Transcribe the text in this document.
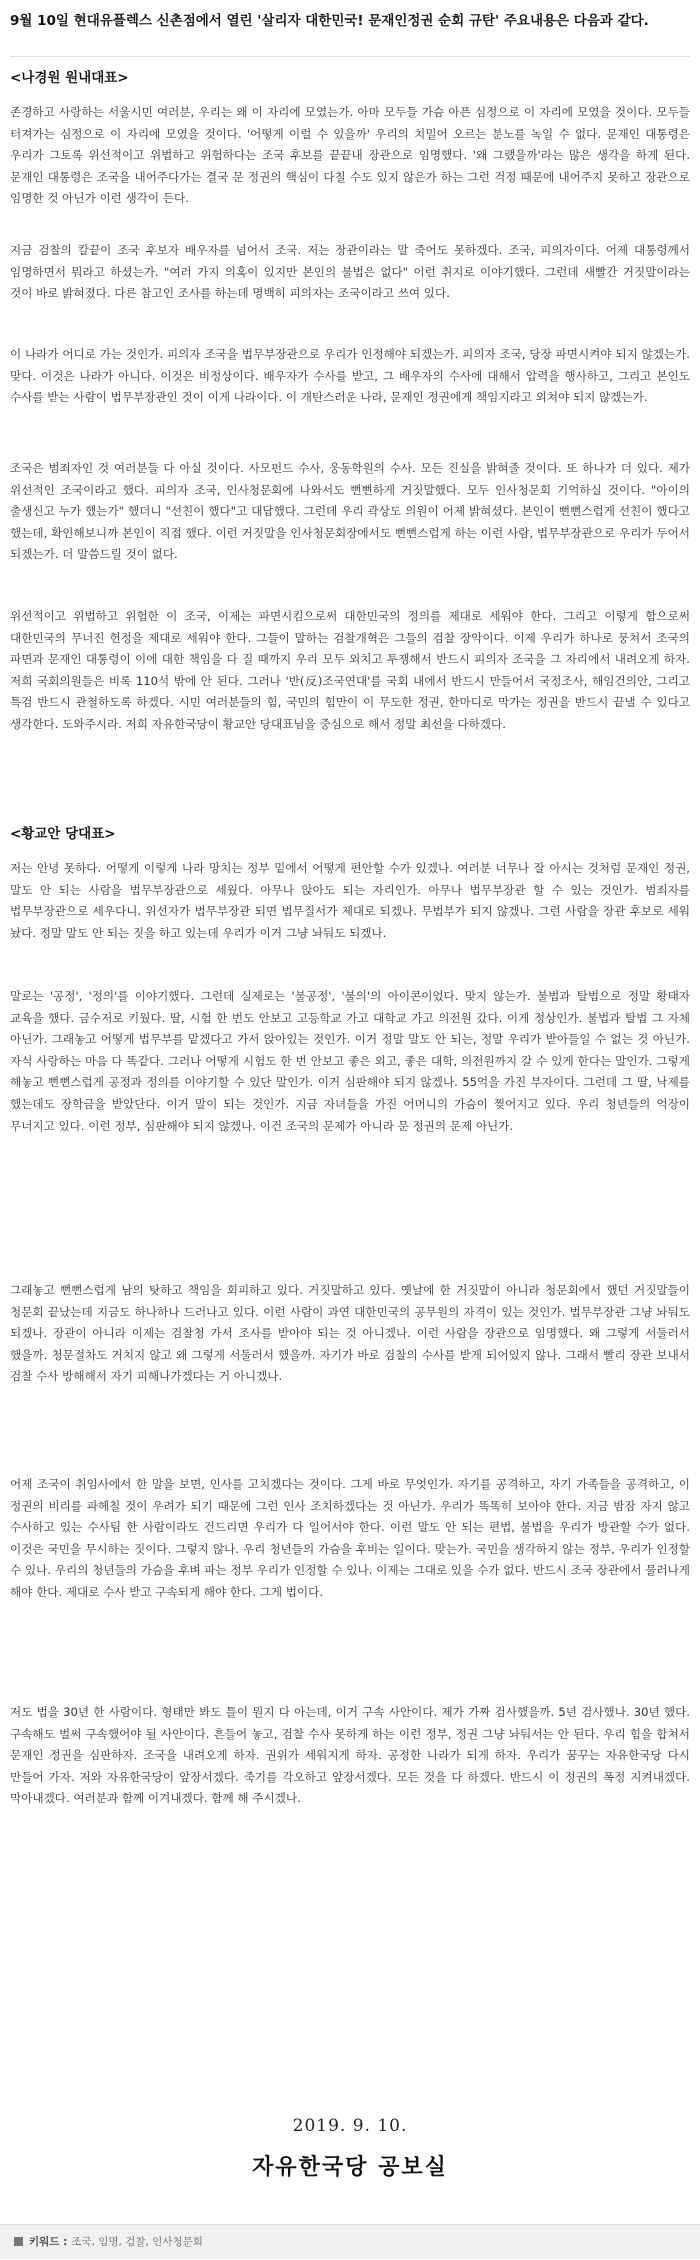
9월 10일 현대유플렉스 신촌점에서 열린 '살리자 대한민국! 문재인정권 순회 규탄' 주요내용은 다음과 같다.
<나경원 원내대표>
존경하고 사랑하는 서울시민 여러분, 우리는 왜 이 자리에 모였는가. 아마 모두들 가슴 아픈 심정으로 이 자리에 모였을 것이다. 모두들 터져가는 심정으로 이 자리에 모였을 것이다. '어떻게 이럴 수 있을까' 우리의 치밀어 오르는 분노를 녹일 수 없다. 문재인 대통령은 우리가 그토록 위선적이고 위법하고 위험하다는 조국 후보를 끝끝내 장관으로 임명했다. '왜 그랬을까'라는 많은 생각을 하게 된다. 문재인 대통령은 조국을 내어주다가는 결국 문 정권의 핵심이 다칠 수도 있지 않은가 하는 그런 걱정 때문에 내어주지 못하고 장관으로 임명한 것 아닌가 이런 생각이 든다.
지금 검찰의 칼끝이 조국 후보자 배우자를 넘어서 조국. 저는 장관이라는 말 죽어도 못하겠다. 조국, 피의자이다. 어제 대통령께서 임명하면서 뭐라고 하셨는가. "여러 가지 의혹이 있지만 본인의 불법은 없다" 이런 취지로 이야기했다. 그런데 새빨간 거짓말이라는 것이 바로 밝혀졌다. 다른 참고인 조사를 하는데 명백히 피의자는 조국이라고 쓰여 있다.
이 나라가 어디로 가는 것인가. 피의자 조국을 법무부장관으로 우리가 인정해야 되겠는가. 피의자 조국, 당장 파면시켜야 되지 않겠는가. 맞다. 이것은 나라가 아니다. 이것은 비정상이다. 배우자가 수사를 받고, 그 배우자의 수사에 대해서 압력을 행사하고, 그리고 본인도 수사를 받는 사람이 법무부장관인 것이 이게 나라이다. 이 개탄스러운 나라, 문재인 정권에게 책임지라고 외쳐야 되지 않겠는가.
조국은 범죄자인 것 여러분들 다 아실 것이다. 사모펀드 수사, 웅동학원의 수사. 모든 진실을 밝혀줄 것이다. 또 하나가 더 있다. 제가 위선적인 조국이라고 했다. 피의자 조국, 인사청문회에 나와서도 뻔뻔하게 거짓말했다. 모두 인사청문회 기억하실 것이다. "아이의 출생신고 누가 했는가" 했더니 "선친이 했다"고 대답했다. 그런데 우리 곽상도 의원이 어제 밝혀셨다. 본인이 뻔뻔스럽게 선친이 했다고 했는데, 확인해보니까 본인이 직접 했다. 이런 거짓말을 인사청문회장에서도 뻔뻔스럽게 하는 이런 사람, 법무부장관으로 우리가 두어서 되겠는가. 더 말씀드릴 것이 없다.
위선적이고 위법하고 위험한 이 조국, 이제는 파면시킴으로써 대한민국의 정의를 제대로 세워야 한다. 그리고 이렇게 함으로써 대한민국의 무너진 헌정을 제대로 세워야 한다. 그들이 말하는 검찰개혁은 그들의 검찰 장악이다. 이제 우리가 하나로 뭉쳐서 조국의 파면과 문재인 대통령이 이에 대한 책임을 다 질 때까지 우리 모두 외치고 투쟁해서 반드시 피의자 조국을 그 자리에서 내려오게 하자. 저희 국회의원들은 비록 110석 밖에 안 된다. 그러나 '반(反)조국연대'를 국회 내에서 반드시 만들어서 국정조사, 해임건의안, 그리고 특검 반드시 관철하도록 하겠다. 시민 여러분들의 힘, 국민의 힘만이 이 무도한 정권, 한마디로 막가는 정권을 반드시 끝낼 수 있다고 생각한다. 도와주시라. 저희 자유한국당이 황교안 당대표님을 중심으로 해서 정말 최선을 다하겠다.
<황교안 당대표>
저는 안녕 못하다. 어떻게 이렇게 나라 망치는 정부 밑에서 어떻게 편안할 수가 있겠나. 여러분 너무나 잘 아시는 것처럼 문재인 정권, 말도 안 되는 사람을 법무부장관으로 세웠다. 아무나 앉아도 되는 자리인가. 아무나 법무부장관 할 수 있는 것인가. 범죄자를 법무부장관으로 세우다니. 위선자가 법무부장관 되면 법무질서가 제대로 되겠나. 무법부가 되지 않겠나. 그런 사람을 장관 후보로 세워 놨다. 정말 말도 안 되는 짓을 하고 있는데 우리가 이거 그냥 놔둬도 되겠나.
말로는 '공정', '정의'를 이야기했다. 그런데 실제로는 '불공정', '불의'의 아이콘이었다. 맞지 않는가. 불법과 탈법으로 정말 황태자 교육을 했다. 금수저로 키웠다. 딸, 시험 한 번도 안보고 고등학교 가고 대학교 가고 의전원 갔다. 이게 정상인가. 불법과 탈법 그 자체 아닌가. 그래놓고 어떻게 법무부를 맡겠다고 가서 앉아있는 것인가. 이거 정말 말도 안 되는, 정말 우리가 받아들일 수 없는 것 아닌가. 자식 사랑하는 마음 다 똑같다. 그러나 어떻게 시험도 한 번 안보고 좋은 외고, 좋은 대학, 의전원까지 갈 수 있게 한다는 말인가. 그렇게 해놓고 뻔뻔스럽게 공정과 정의를 이야기할 수 있단 말인가. 이거 심판해야 되지 않겠나. 55억을 가진 부자이다. 그런데 그 딸, 낙제를 했는데도 장학금을 받았단다. 이거 말이 되는 것인가. 지금 자녀들을 가진 어머니의 가슴이 찢어지고 있다. 우리 청년들의 억장이 무너지고 있다. 이런 정부, 심판해야 되지 않겠나. 이건 조국의 문제가 아니라 문 정권의 문제 아닌가.
그래놓고 뻔뻔스럽게 남의 탓하고 책임을 회피하고 있다. 거짓말하고 있다. 옛날에 한 거짓말이 아니라 청문회에서 했던 거짓말들이 청문회 끝났는데 지금도 하나하나 드러나고 있다. 이런 사람이 과연 대한민국의 공무원의 자격이 있는 것인가. 법무부장관 그냥 놔둬도 되겠나. 장관이 아니라 이제는 검찰청 가서 조사를 받아야 되는 것 아니겠나. 이런 사람을 장관으로 임명했다. 왜 그렇게 서둘러서 했을까. 청문절차도 거치지 않고 왜 그렇게 서둘러서 했을까. 자기가 바로 검찰의 수사를 받게 되어있지 않나. 그래서 빨리 장관 보내서 검찰 수사 방해해서 자기 피해나가겠다는 거 아니겠나.
어제 조국이 취임사에서 한 말을 보면, 인사를 고치겠다는 것이다. 그게 바로 무엇인가. 자기를 공격하고, 자기 가족들을 공격하고, 이 정권의 비리를 파헤칠 것이 우려가 되기 때문에 그런 인사 조치하겠다는 것 아닌가. 우리가 똑똑히 보아야 한다. 지금 밤잠 자지 않고 수사하고 있는 수사팀 한 사람이라도 건드리면 우리가 다 일어서야 한다. 이런 말도 안 되는 편법, 불법을 우리가 방관할 수가 없다. 이것은 국민을 무시하는 짓이다. 그렇지 않나. 우리 청년들의 가슴을 후비는 일이다. 맞는가. 국민을 생각하지 않는 정부, 우리가 인정할 수 있나. 우리의 청년들의 가슴을 후벼 파는 정부 우리가 인정할 수 있나. 이제는 그대로 있을 수가 없다. 반드시 조국 장관에서 물러나게 해야 한다. 제대로 수사 받고 구속되게 해야 한다. 그게 법이다.
저도 법을 30년 한 사람이다. 형태만 봐도 틀이 뭔지 다 아는데, 이거 구속 사안이다. 제가 가짜 검사했을까. 5년 검사했나. 30년 했다. 구속해도 벌써 구속했어야 될 사안이다. 흔들어 놓고, 검찰 수사 못하게 하는 이런 정부, 정권 그냥 놔둬서는 안 된다. 우리 힘을 합쳐서 문재인 정권을 심판하자. 조국을 내려오게 하자. 권위가 세워지게 하자. 공정한 나라가 되게 하자. 우리가 꿈꾸는 자유한국당 다시 만들어 가자. 저와 자유한국당이 앞장서겠다. 죽기를 각오하고 앞장서겠다. 모든 것을 다 하겠다. 반드시 이 정권의 폭정 지켜내겠다. 막아내겠다. 여러분과 함께 이겨내겠다. 함께 해 주시겠나.
2019. 9. 10.
자유한국당 공보실
키워드 : 조국, 임명, 검찰, 인사청문회
